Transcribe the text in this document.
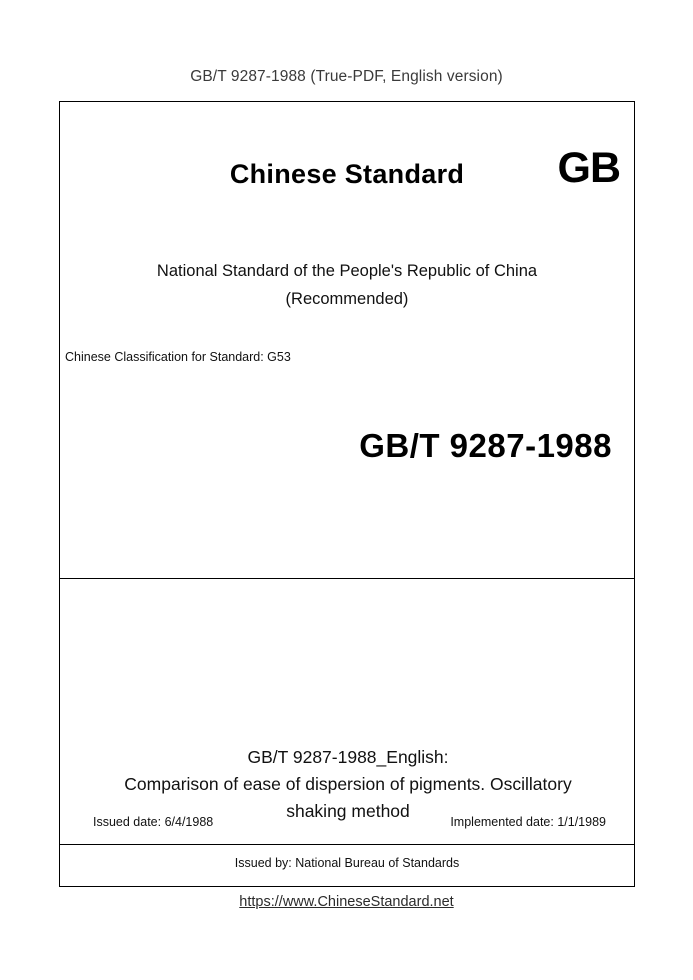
GB/T 9287-1988 (True-PDF, English version)
Chinese Standard	GB
National Standard of the People's Republic of China
(Recommended)
Chinese Classification for Standard: G53
GB/T 9287-1988
GB/T 9287-1988_English:
Comparison of ease of dispersion of pigments. Oscillatory
shaking method
Issued date: 6/4/1988	Implemented date: 1/1/1989
Issued by: National Bureau of Standards
https://www.ChineseStandard.net
